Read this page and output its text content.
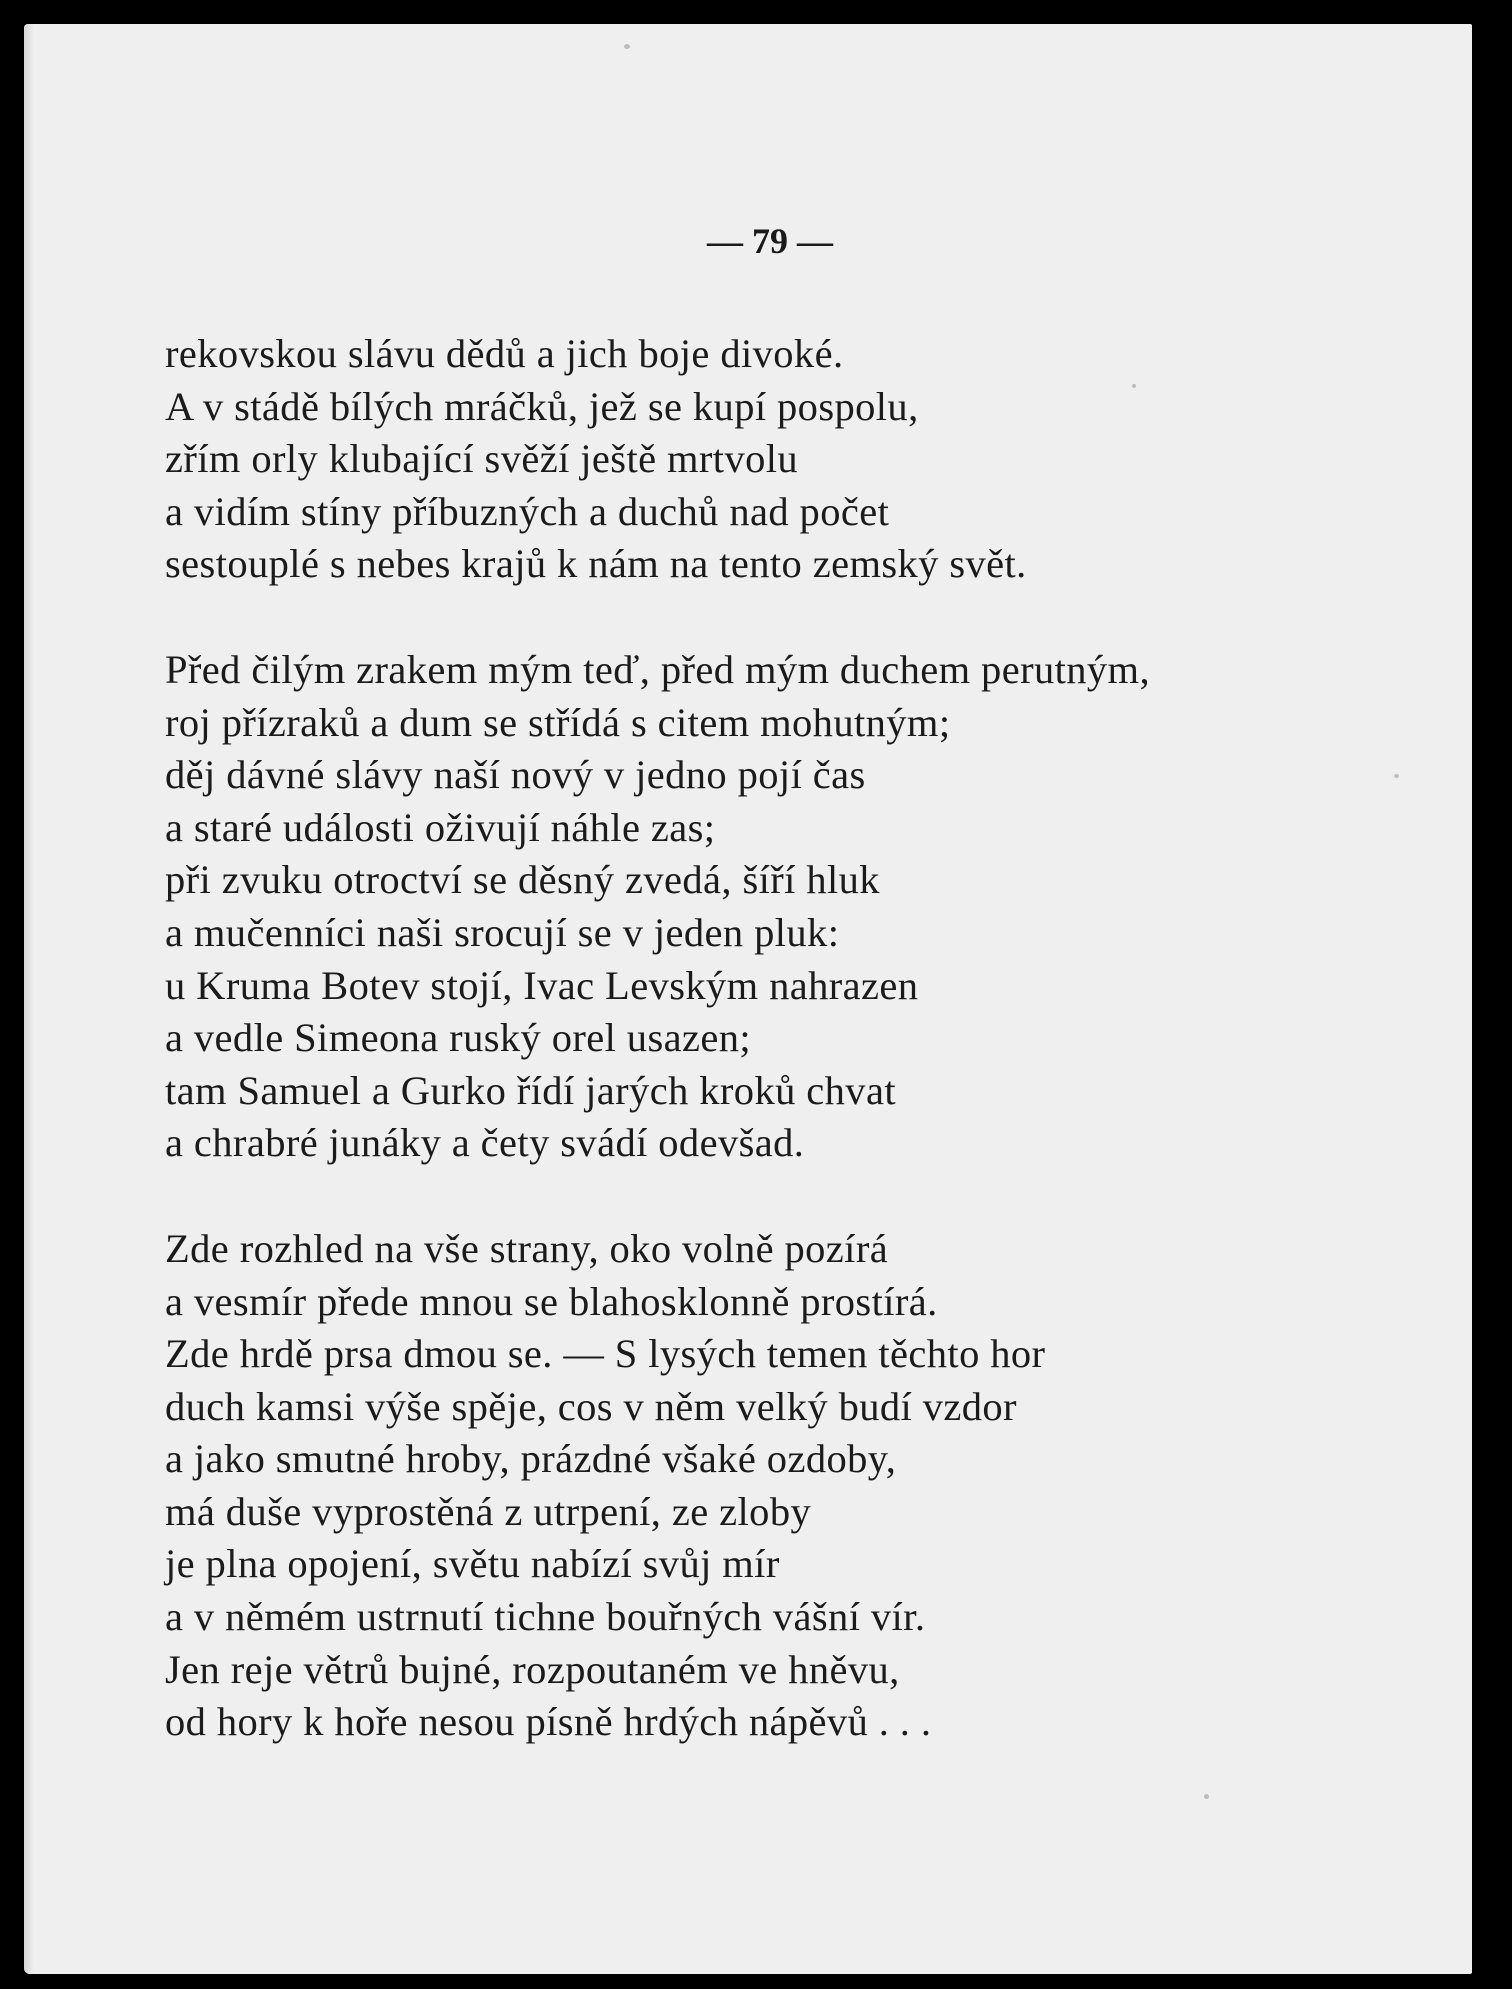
— 79 —
rekovskou slávu dědů a jich boje divoké.
A v stádě bílých mráčků, jež se kupí pospolu,
zřím orly klubající svěží ještě mrtvolu
a vidím stíny příbuzných a duchů nad počet
sestouplé s nebes krajů k nám na tento zemský svět.
Před čilým zrakem mým teď, před mým duchem perutným,
roj přízraků a dum se střídá s citem mohutným;
děj dávné slávy naší nový v jedno pojí čas
a staré události oživují náhle zas;
při zvuku otroctví se děsný zvedá, šíří hluk
a mučenníci naši srocují se v jeden pluk:
u Kruma Botev stojí, Ivac Levským nahrazen
a vedle Simeona ruský orel usazen;
tam Samuel a Gurko řídí jarých kroků chvat
a chrabré junáky a čety svádí odevšad.
Zde rozhled na vše strany, oko volně pozírá
a vesmír přede mnou se blahosklonně prostírá.
Zde hrdě prsa dmou se. — S lysých temen těchto hor
duch kamsi výše spěje, cos v něm velký budí vzdor
a jako smutné hroby, prázdné všaké ozdoby,
má duše vyprostěná z utrpení, ze zloby
je plna opojení, světu nabízí svůj mír
a v němém ustrnutí tichne bouřných vášní vír.
Jen reje větrů bujné, rozpoutaném ve hněvu,
od hory k hoře nesou písně hrdých nápěvů . . .
